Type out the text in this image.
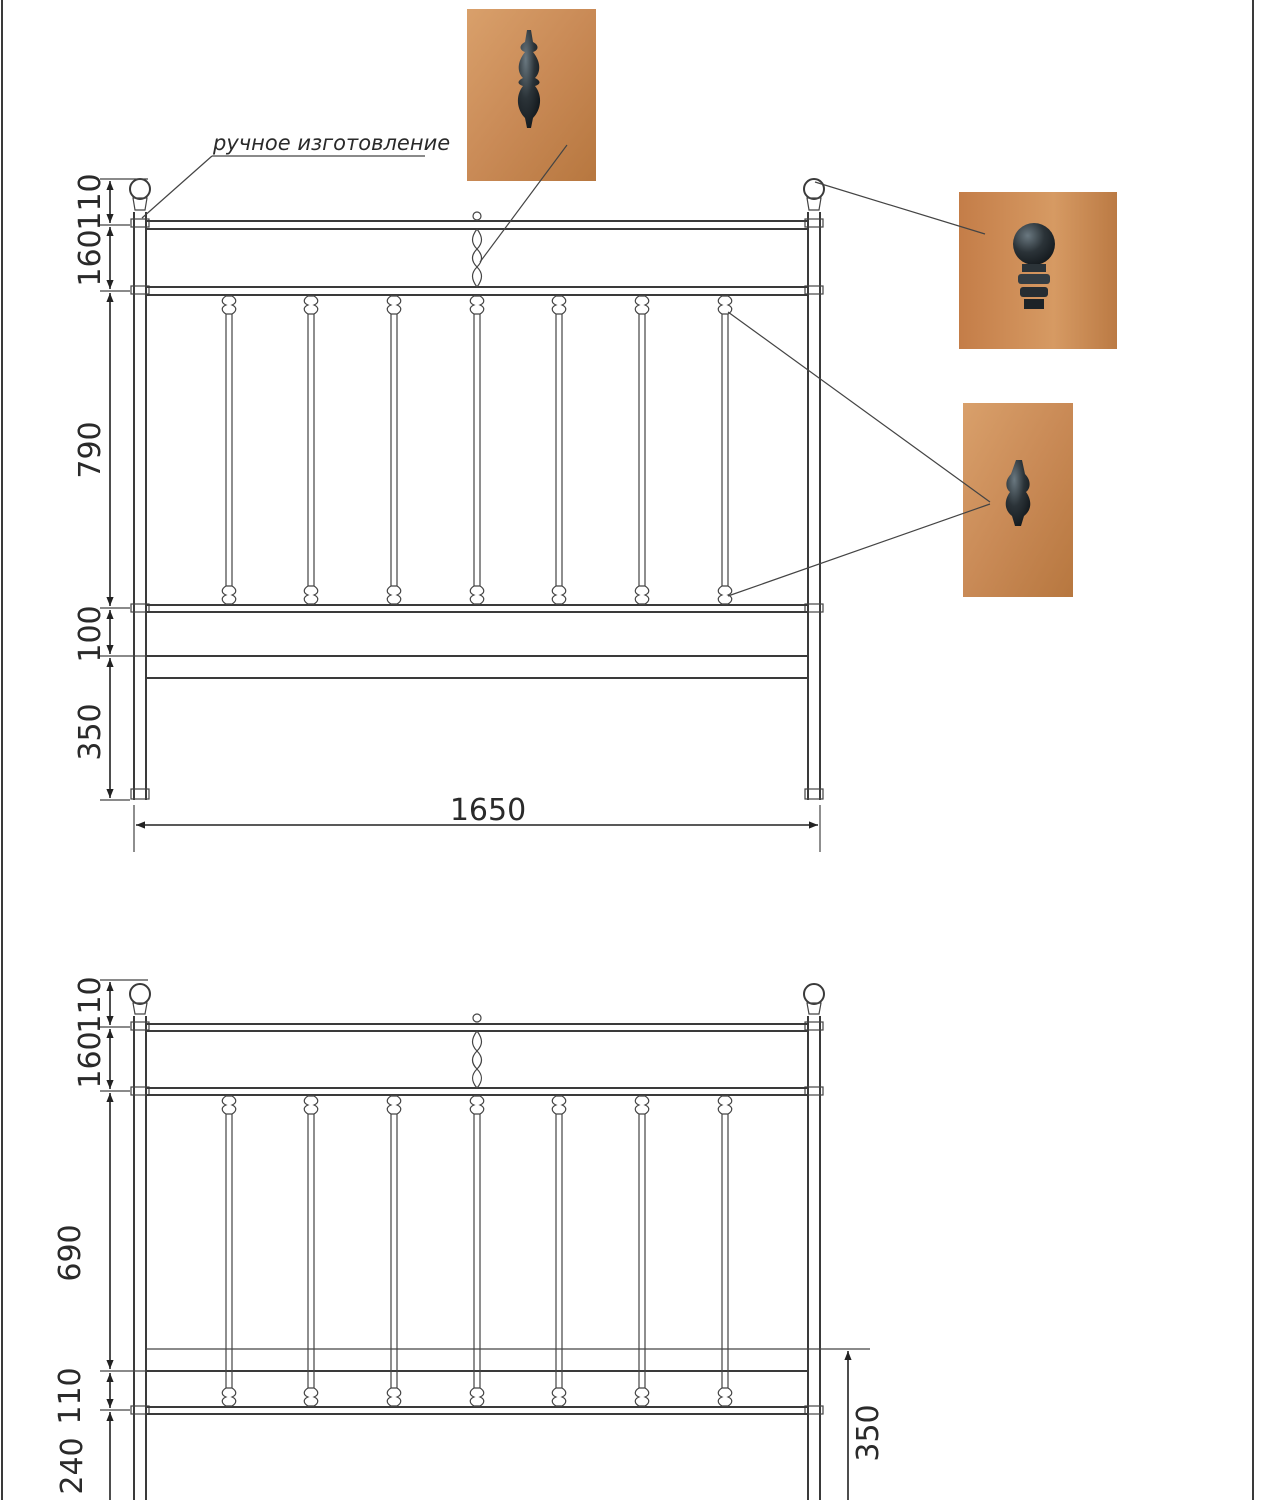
110
160
790
100
350
1650
ручное изготовление
110
160
690
110
240
350
